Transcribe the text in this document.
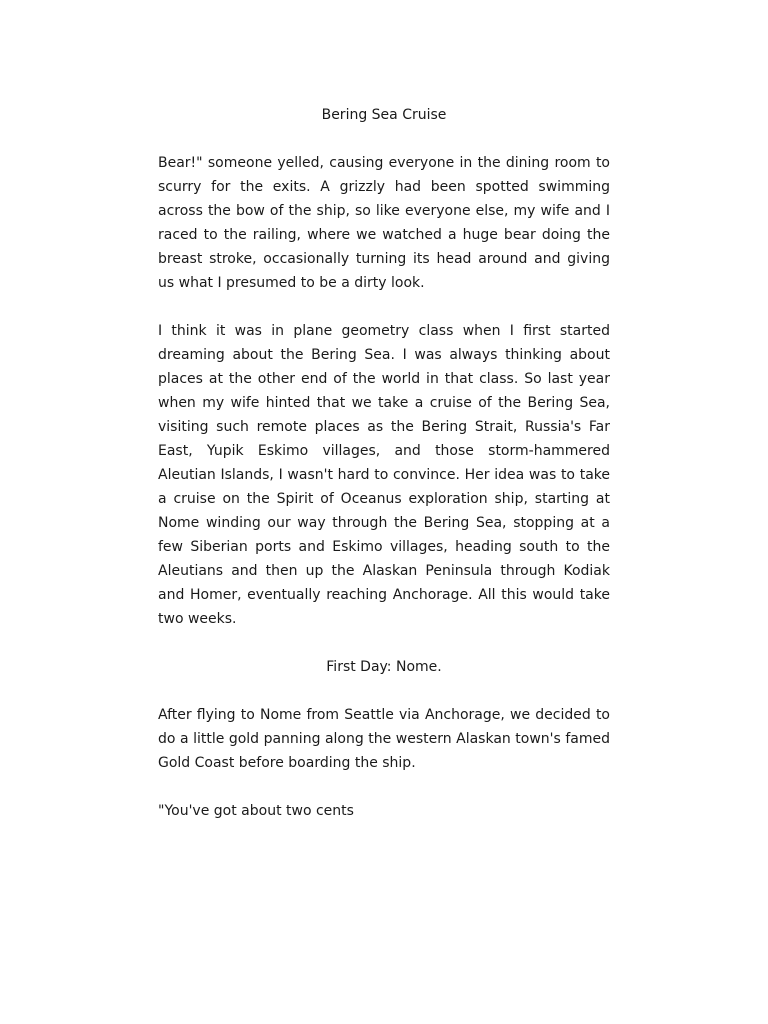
Bering Sea Cruise

Bear!" someone yelled, causing everyone in the dining room to scurry for the exits. A grizzly had been spotted swimming across the bow of the ship, so like everyone else, my wife and I raced to the railing, where we watched a huge bear doing the breast stroke, occasionally turning its head around and giving us what I presumed to be a dirty look.

I think it was in plane geometry class when I first started dreaming about the Bering Sea. I was always thinking about places at the other end of the world in that class. So last year when my wife hinted that we take a cruise of the Bering Sea, visiting such remote places as the Bering Strait, Russia's Far East, Yupik Eskimo villages, and those storm-hammered Aleutian Islands, I wasn't hard to convince. Her idea was to take a cruise on the Spirit of Oceanus exploration ship, starting at Nome winding our way through the Bering Sea, stopping at a few Siberian ports and Eskimo villages, heading south to the Aleutians and then up the Alaskan Peninsula through Kodiak and Homer, eventually reaching Anchorage. All this would take two weeks.

First Day: Nome.

After flying to Nome from Seattle via Anchorage, we decided to do a little gold panning along the western Alaskan town's famed Gold Coast before boarding the ship.

"You've got about two cents
